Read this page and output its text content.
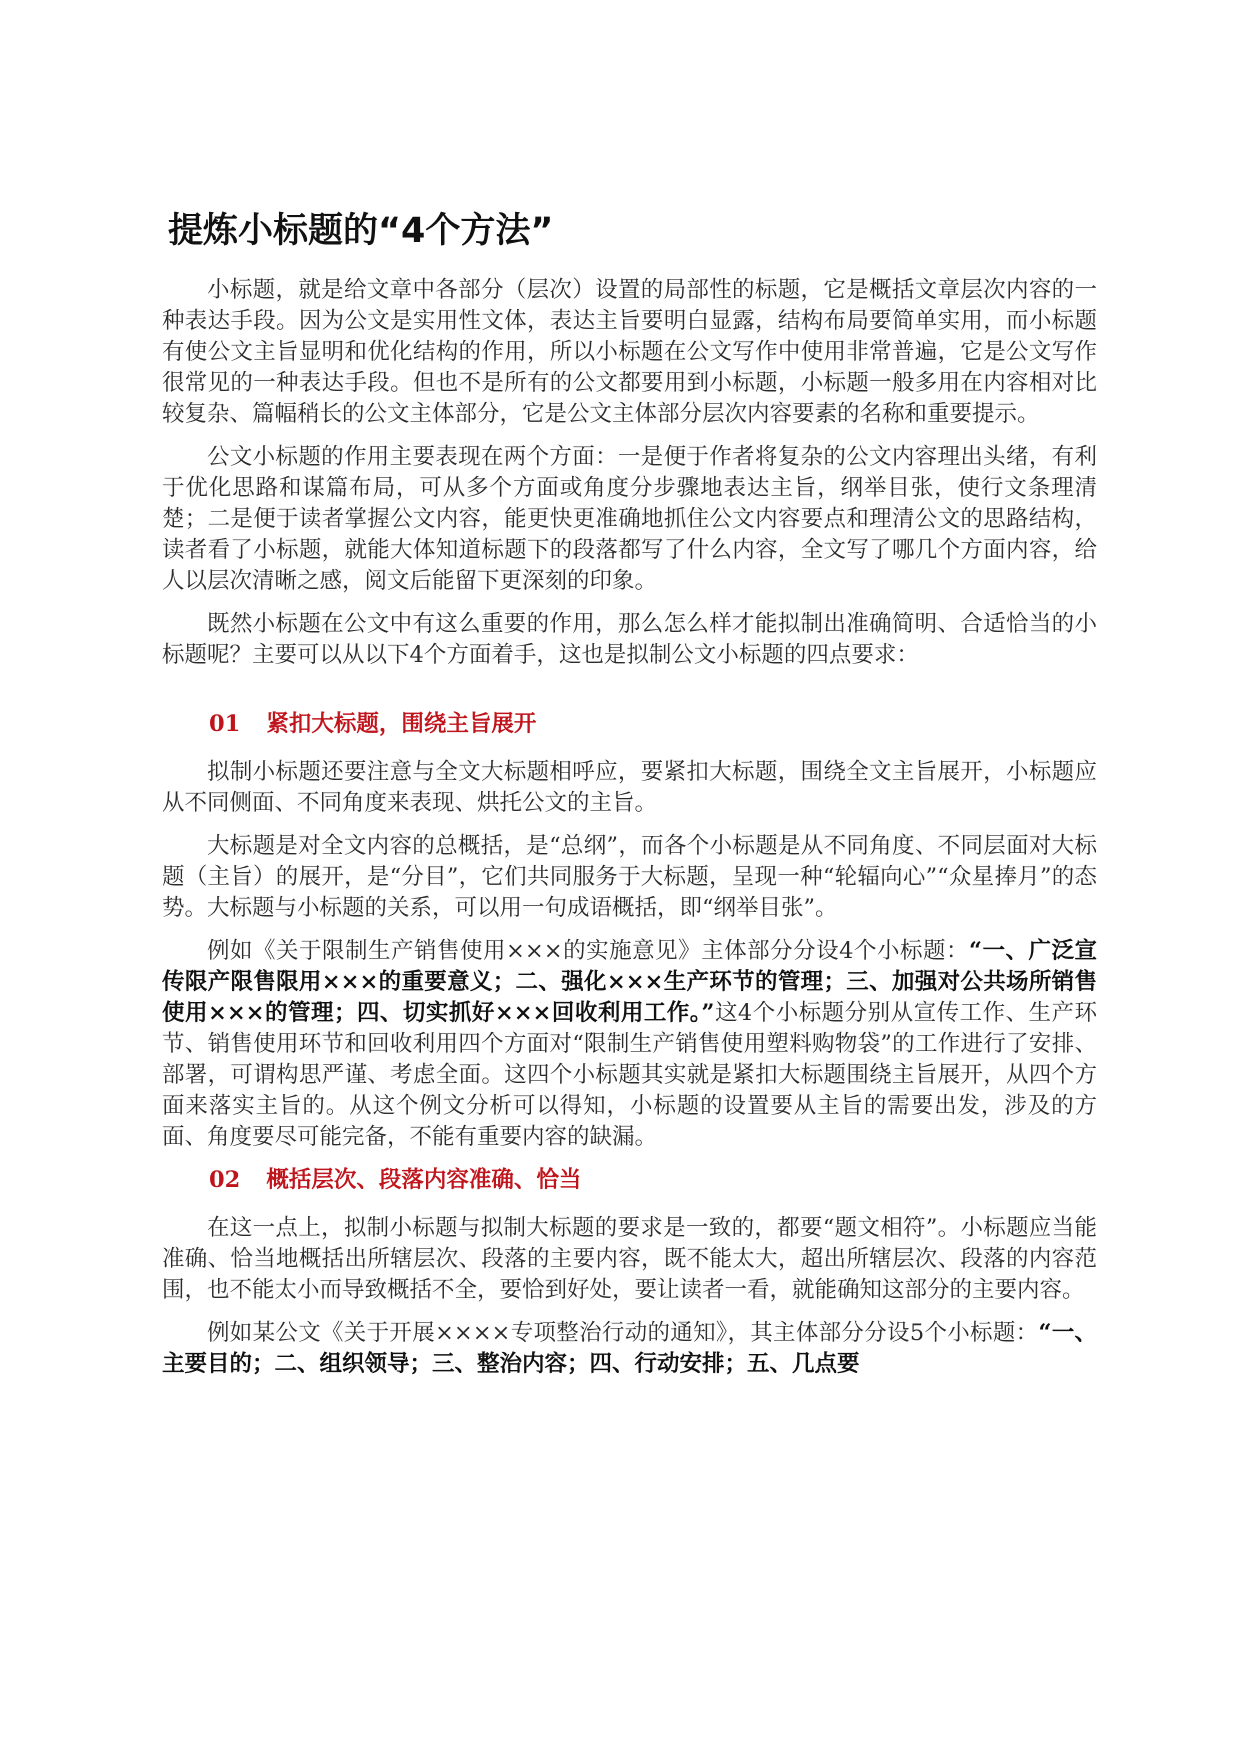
提炼小标题的“4个方法”

小标题，就是给文章中各部分（层次）设置的局部性的标题，它是概括文章层次内容的一种表达手段。因为公文是实用性文体，表达主旨要明白显露，结构布局要简单实用，而小标题有使公文主旨显明和优化结构的作用，所以小标题在公文写作中使用非常普遍，它是公文写作很常见的一种表达手段。但也不是所有的公文都要用到小标题，小标题一般多用在内容相对比较复杂、篇幅稍长的公文主体部分，它是公文主体部分层次内容要素的名称和重要提示。

公文小标题的作用主要表现在两个方面：一是便于作者将复杂的公文内容理出头绪，有利于优化思路和谋篇布局，可从多个方面或角度分步骤地表达主旨，纲举目张，使行文条理清楚；二是便于读者掌握公文内容，能更快更准确地抓住公文内容要点和理清公文的思路结构，读者看了小标题，就能大体知道标题下的段落都写了什么内容，全文写了哪几个方面内容，给人以层次清晰之感，阅文后能留下更深刻的印象。

既然小标题在公文中有这么重要的作用，那么怎么样才能拟制出准确简明、合适恰当的小标题呢？主要可以从以下4个方面着手，这也是拟制公文小标题的四点要求：

01 紧扣大标题，围绕主旨展开

拟制小标题还要注意与全文大标题相呼应，要紧扣大标题，围绕全文主旨展开，小标题应从不同侧面、不同角度来表现、烘托公文的主旨。

大标题是对全文内容的总概括，是“总纲”，而各个小标题是从不同角度、不同层面对大标题（主旨）的展开，是“分目”，它们共同服务于大标题，呈现一种“轮辐向心”“众星捧月”的态势。大标题与小标题的关系，可以用一句成语概括，即“纲举目张”。

例如《关于限制生产销售使用×××的实施意见》主体部分分设4个小标题：“一、广泛宣传限产限售限用×××的重要意义；二、强化×××生产环节的管理；三、加强对公共场所销售使用×××的管理；四、切实抓好×××回收利用工作。”这4个小标题分别从宣传工作、生产环节、销售使用环节和回收利用四个方面对“限制生产销售使用塑料购物袋”的工作进行了安排、部署，可谓构思严谨、考虑全面。这四个小标题其实就是紧扣大标题围绕主旨展开，从四个方面来落实主旨的。从这个例文分析可以得知，小标题的设置要从主旨的需要出发，涉及的方面、角度要尽可能完备，不能有重要内容的缺漏。

02 概括层次、段落内容准确、恰当

在这一点上，拟制小标题与拟制大标题的要求是一致的，都要“题文相符”。小标题应当能准确、恰当地概括出所辖层次、段落的主要内容，既不能太大，超出所辖层次、段落的内容范围，也不能太小而导致概括不全，要恰到好处，要让读者一看，就能确知这部分的主要内容。

例如某公文《关于开展××××专项整治行动的通知》，其主体部分分设5个小标题：“一、主要目的；二、组织领导；三、整治内容；四、行动安排；五、几点要
